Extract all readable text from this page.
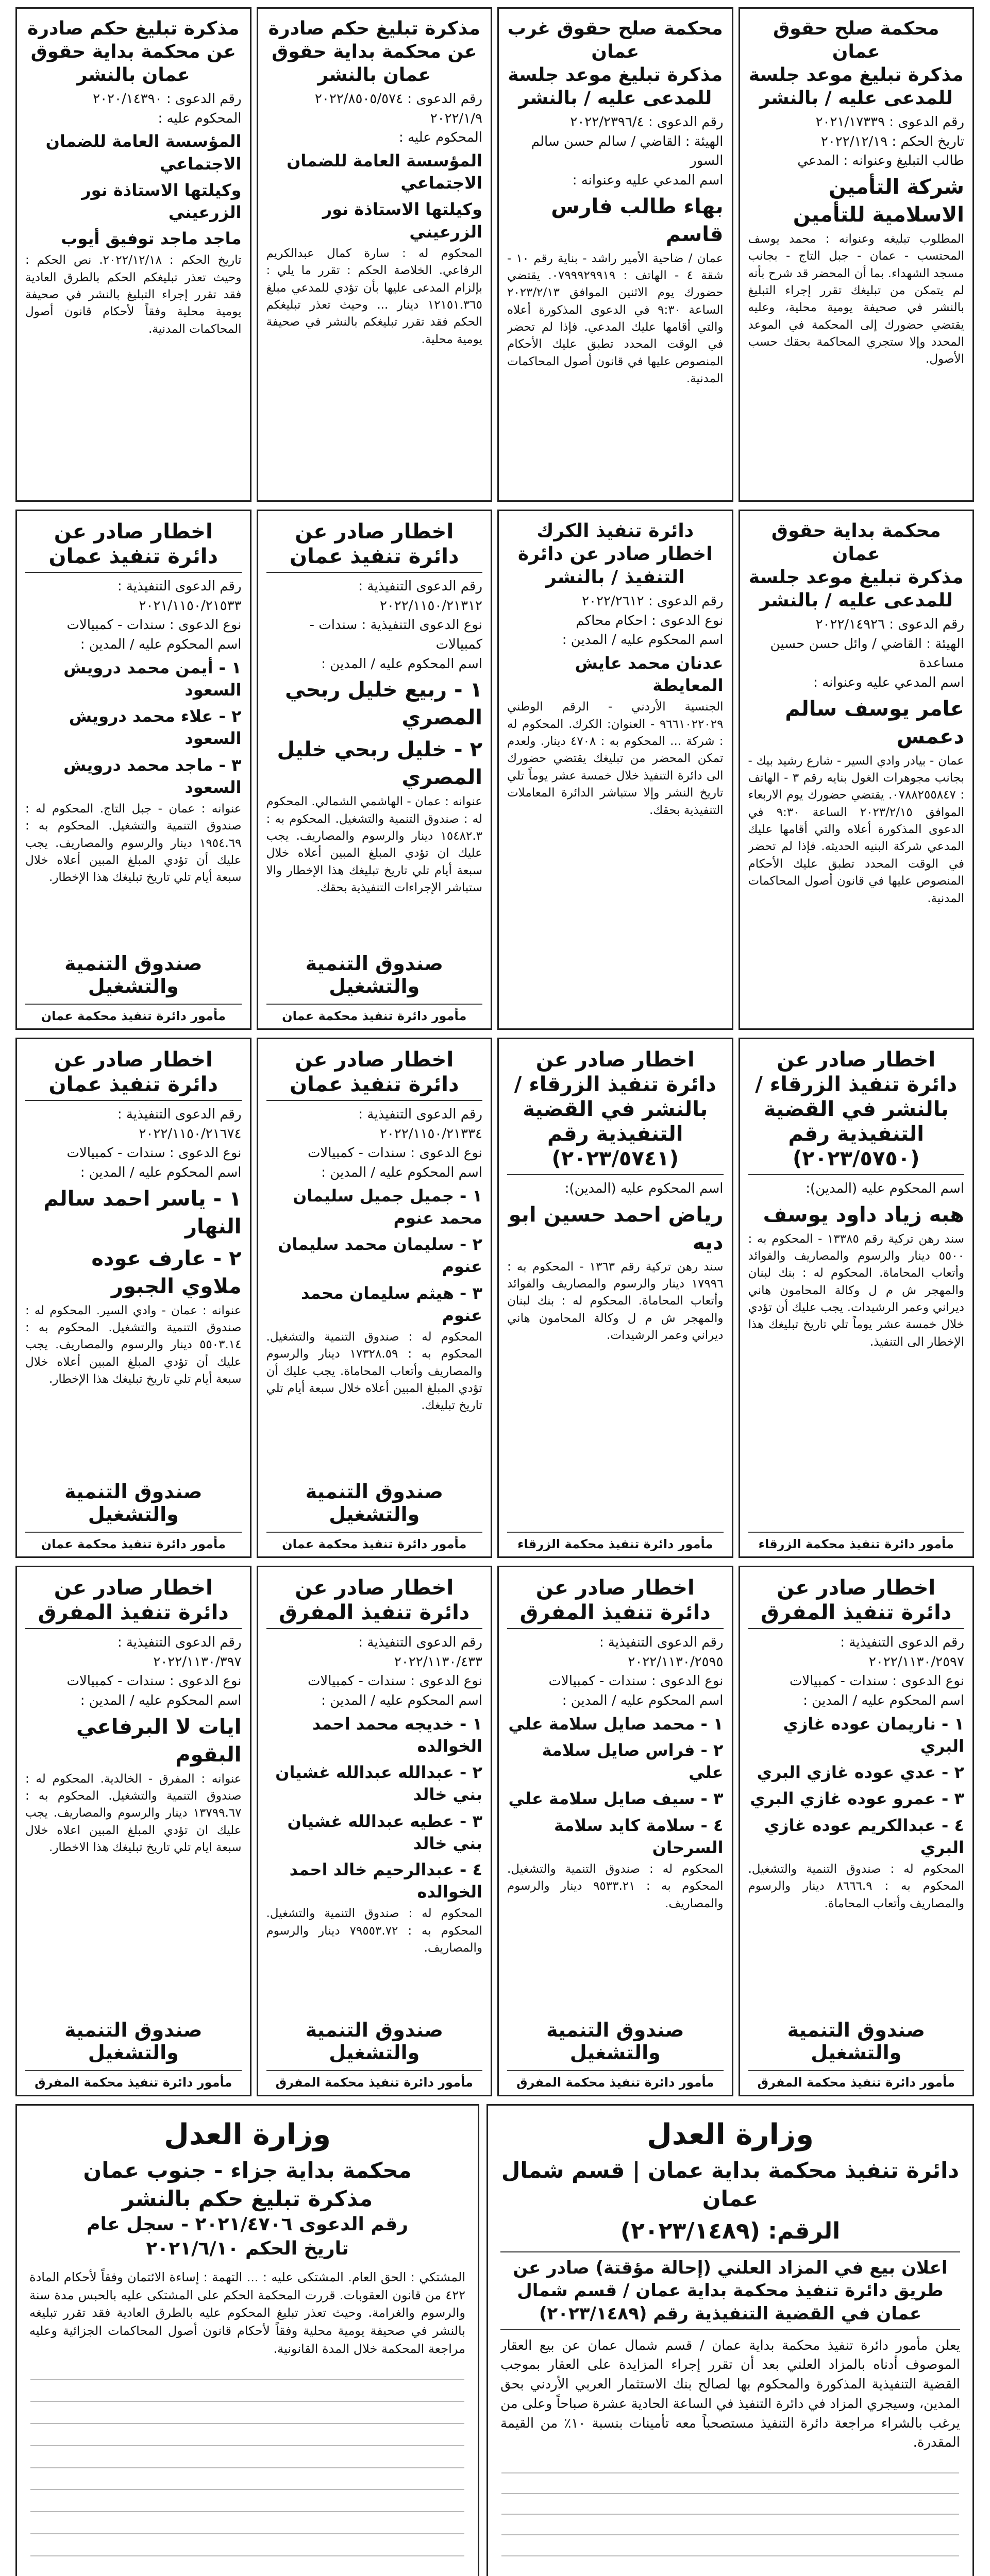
محكمة صلح حقوق عمان
مذكرة تبليغ موعد جلسة للمدعى عليه / بالنشر
رقم الدعوى : ٢٠٢١/١٧٣٣٩
تاريخ الحكم : ٢٠٢٢/١٢/١٩
طالب التبليغ وعنوانه : المدعي
شركة التأمين الاسلامية للتأمين
المطلوب تبليغه وعنوانه : محمد يوسف المحتسب - عمان - جبل التاج - بجانب مسجد الشهداء. بما أن المحضر قد شرح بأنه لم يتمكن من تبليغك تقرر إجراء التبليغ بالنشر في صحيفة يومية محلية، وعليه يقتضي حضورك إلى المحكمة في الموعد المحدد وإلا ستجري المحاكمة بحقك حسب الأصول.
محكمة صلح حقوق غرب عمان
مذكرة تبليغ موعد جلسة للمدعى عليه / بالنشر
رقم الدعوى : ٢٠٢٢/٢٣٩٦/٤
الهيئة : القاضي / سالم حسن سالم السور
اسم المدعي عليه وعنوانه :
بهاء طالب فارس قاسم
عمان / ضاحية الأمير راشد - بناية رقم ١٠ - شقة ٤ - الهاتف : ٠٧٩٩٩٢٩٩١٩. يقتضي حضورك يوم الاثنين الموافق ٢٠٢٣/٢/١٣ الساعة ٩:٣٠ في الدعوى المذكورة أعلاه والتي أقامها عليك المدعي. فإذا لم تحضر في الوقت المحدد تطبق عليك الأحكام المنصوص عليها في قانون أصول المحاكمات المدنية.
مذكرة تبليغ حكم صادرة عن محكمة بداية حقوق عمان بالنشر
رقم الدعوى : ٢٠٢٢/٨٥٠٥/٥٧٤ ٢٠٢٢/١/٩
المحكوم عليه :
المؤسسة العامة للضمان الاجتماعي
وكيلتها الاستاذة نور الزرعيني
المحكوم له : سارة كمال عبدالكريم الرفاعي. الخلاصة الحكم : تقرر ما يلي : بإلزام المدعى عليها بأن تؤدي للمدعي مبلغ ١٢١٥١.٣٦٥ دينار ... وحيث تعذر تبليغكم الحكم فقد تقرر تبليغكم بالنشر في صحيفة يومية محلية.
مذكرة تبليغ حكم صادرة عن محكمة بداية حقوق عمان بالنشر
رقم الدعوى : ٢٠٢٠/١٤٣٩٠
المحكوم عليه :
المؤسسة العامة للضمان الاجتماعي
وكيلتها الاستاذة نور الزرعيني
ماجد ماجد توفيق أيوب
تاريخ الحكم : ٢٠٢٢/١٢/١٨. نص الحكم : وحيث تعذر تبليغكم الحكم بالطرق العادية فقد تقرر إجراء التبليغ بالنشر في صحيفة يومية محلية وفقاً لأحكام قانون أصول المحاكمات المدنية.
محكمة بداية حقوق عمان
مذكرة تبليغ موعد جلسة للمدعى عليه / بالنشر
رقم الدعوى : ٢٠٢٢/١٤٩٢٦
الهيئة : القاضي / وائل حسن حسين مساعدة
اسم المدعي عليه وعنوانه :
عامر يوسف سالم دعمس
عمان - بيادر وادي السير - شارع رشيد بيك - بجانب مجوهرات الغول بنايه رقم ٣ - الهاتف : ٠٧٨٨٢٥٥٨٤٧. يقتضي حضورك يوم الاربعاء الموافق ٢٠٢٣/٢/١٥ الساعة ٩:٣٠ في الدعوى المذكورة أعلاه والتي أقامها عليك المدعي شركة البنيه الحديثه. فإذا لم تحضر في الوقت المحدد تطبق عليك الأحكام المنصوص عليها في قانون أصول المحاكمات المدنية.
دائرة تنفيذ الكرك
اخطار صادر عن دائرة التنفيذ / بالنشر
رقم الدعوى : ٢٠٢٢/٢٦١٢
نوع الدعوى : احكام محاكم
اسم المحكوم عليه / المدين :
عدنان محمد عايش المعايطة
الجنسية الأردني - الرقم الوطني ٩٦٦١٠٢٢٠٢٩ - العنوان: الكرك. المحكوم له : شركة ... المحكوم به : ٤٧٠٨ دينار. ولعدم تمكن المحضر من تبليغك يقتضي حضورك الى دائرة التنفيذ خلال خمسة عشر يوماً تلي تاريخ النشر وإلا ستباشر الدائرة المعاملات التنفيذية بحقك.
اخطار صادر عن دائرة تنفيذ عمان
رقم الدعوى التنفيذية : ٢٠٢٢/١١٥٠/٢١٣١٢
نوع الدعوى التنفيذية : سندات - كمبيالات
اسم المحكوم عليه / المدين :
١ - ربيع خليل ربحي المصري
٢ - خليل ربحي خليل المصري
عنوانه : عمان - الهاشمي الشمالي. المحكوم له : صندوق التنمية والتشغيل. المحكوم به : ١٥٤٨٢.٣ دينار والرسوم والمصاريف. يجب عليك ان تؤدي المبلغ المبين أعلاه خلال سبعة أيام تلي تاريخ تبليغك هذا الإخطار والا ستباشر الإجراءات التنفيذية بحقك.
صندوق التنمية والتشغيل
مأمور دائرة تنفيذ محكمة عمان
اخطار صادر عن دائرة تنفيذ عمان
رقم الدعوى التنفيذية : ٢٠٢١/١١٥٠/٢١٥٣٣
نوع الدعوى : سندات - كمبيالات
اسم المحكوم عليه / المدين :
١ - أيمن محمد درويش السعود
٢ - علاء محمد درويش السعود
٣ - ماجد محمد درويش السعود
عنوانه : عمان - جبل التاج. المحكوم له : صندوق التنمية والتشغيل. المحكوم به : ١٩٥٤.٦٩ دينار والرسوم والمصاريف. يجب عليك أن تؤدي المبلغ المبين أعلاه خلال سبعة أيام تلي تاريخ تبليغك هذا الإخطار.
صندوق التنمية والتشغيل
مأمور دائرة تنفيذ محكمة عمان
اخطار صادر عن دائرة تنفيذ الزرقاء / بالنشر في القضية التنفيذية رقم (٢٠٢٣/٥٧٥٠)
اسم المحكوم عليه (المدين):
هبه زياد داود يوسف
سند رهن تركية رقم ١٣٣٨٥ - المحكوم به : ٥٥٠٠ دينار والرسوم والمصاريف والفوائد وأتعاب المحاماة. المحكوم له : بنك لبنان والمهجر ش م ل وكالة المحامون هاني ديراني وعمر الرشيدات. يجب عليك أن تؤدي خلال خمسة عشر يوماً تلي تاريخ تبليغك هذا الإخطار الى التنفيذ.
مأمور دائرة تنفيذ محكمة الزرقاء
اخطار صادر عن دائرة تنفيذ الزرقاء / بالنشر في القضية التنفيذية رقم (٢٠٢٣/٥٧٤١)
اسم المحكوم عليه (المدين):
رياض احمد حسين ابو ديه
سند رهن تركية رقم ١٣٦٣ - المحكوم به : ١٧٩٩٦ دينار والرسوم والمصاريف والفوائد وأتعاب المحاماة. المحكوم له : بنك لبنان والمهجر ش م ل وكالة المحامون هاني ديراني وعمر الرشيدات.
مأمور دائرة تنفيذ محكمة الزرقاء
اخطار صادر عن دائرة تنفيذ عمان
رقم الدعوى التنفيذية : ٢٠٢٢/١١٥٠/٢١٣٣٤
نوع الدعوى : سندات - كمبيالات
اسم المحكوم عليه / المدين :
١ - جميل جميل سليمان محمد عنوم
٢ - سليمان محمد سليمان عنوم
٣ - هيثم سليمان محمد عنوم
المحكوم له : صندوق التنمية والتشغيل. المحكوم به : ١٧٣٢٨.٥٩ دينار والرسوم والمصاريف وأتعاب المحاماة. يجب عليك أن تؤدي المبلغ المبين أعلاه خلال سبعة أيام تلي تاريخ تبليغك.
صندوق التنمية والتشغيل
مأمور دائرة تنفيذ محكمة عمان
اخطار صادر عن دائرة تنفيذ عمان
رقم الدعوى التنفيذية : ٢٠٢٢/١١٥٠/٢١٦٧٤
نوع الدعوى : سندات - كمبيالات
اسم المحكوم عليه / المدين :
١ - ياسر احمد سالم النهار
٢ - عارف عوده ملاوي الجبور
عنوانه : عمان - وادي السير. المحكوم له : صندوق التنمية والتشغيل. المحكوم به : ٥٥٠٣.١٤ دينار والرسوم والمصاريف. يجب عليك أن تؤدي المبلغ المبين أعلاه خلال سبعة أيام تلي تاريخ تبليغك هذا الإخطار.
صندوق التنمية والتشغيل
مأمور دائرة تنفيذ محكمة عمان
اخطار صادر عن دائرة تنفيذ المفرق
رقم الدعوى التنفيذية : ٢٠٢٢/١١٣٠/٢٥٩٧
نوع الدعوى : سندات - كمبيالات
اسم المحكوم عليه / المدين :
١ - ناريمان عوده غازي البري
٢ - عدي عوده غازي البري
٣ - عمرو عوده غازي البري
٤ - عبدالكريم عوده غازي البري
المحكوم له : صندوق التنمية والتشغيل. المحكوم به : ٨٦٦٦.٩ دينار والرسوم والمصاريف وأتعاب المحاماة.
صندوق التنمية والتشغيل
مأمور دائرة تنفيذ محكمة المفرق
اخطار صادر عن دائرة تنفيذ المفرق
رقم الدعوى التنفيذية : ٢٠٢٢/١١٣٠/٢٥٩٥
نوع الدعوى : سندات - كمبيالات
اسم المحكوم عليه / المدين :
١ - محمد صايل سلامة علي
٢ - فراس صايل سلامة علي
٣ - سيف صايل سلامة علي
٤ - سلامة كايد سلامة السرحان
المحكوم له : صندوق التنمية والتشغيل. المحكوم به : ٩٥٣٣.٢١ دينار والرسوم والمصاريف.
صندوق التنمية والتشغيل
مأمور دائرة تنفيذ محكمة المفرق
اخطار صادر عن دائرة تنفيذ المفرق
رقم الدعوى التنفيذية : ٢٠٢٢/١١٣٠/٤٣٣
نوع الدعوى : سندات - كمبيالات
اسم المحكوم عليه / المدين :
١ - خديجه محمد احمد الخوالده
٢ - عبدالله عبدالله غشيان بني خالد
٣ - عطيه عبدالله غشيان بني خالد
٤ - عبدالرحيم خالد احمد الخوالده
المحكوم له : صندوق التنمية والتشغيل. المحكوم به : ٧٩٥٥٣.٧٢ دينار والرسوم والمصاريف.
صندوق التنمية والتشغيل
مأمور دائرة تنفيذ محكمة المفرق
اخطار صادر عن دائرة تنفيذ المفرق
رقم الدعوى التنفيذية : ٢٠٢٢/١١٣٠/٣٩٧
نوع الدعوى : سندات - كمبيالات
اسم المحكوم عليه / المدين :
ايات لا البرفاعي البقوم
عنوانه : المفرق - الخالدية. المحكوم له : صندوق التنمية والتشغيل. المحكوم به : ١٣٧٩٩.٦٧ دينار والرسوم والمصاريف. يجب عليك ان تؤدي المبلغ المبين اعلاه خلال سبعة ايام تلي تاريخ تبليغك هذا الاخطار.
صندوق التنمية والتشغيل
مأمور دائرة تنفيذ محكمة المفرق
وزارة العدل
دائرة تنفيذ محكمة بداية عمان | قسم شمال عمان
الرقم: (٢٠٢٣/١٤٨٩)
اعلان بيع في المزاد العلني (إحالة مؤقتة) صادر عن طريق دائرة تنفيذ محكمة بداية عمان / قسم شمال عمان في القضية التنفيذية رقم (٢٠٢٣/١٤٨٩)
يعلن مأمور دائرة تنفيذ محكمة بداية عمان / قسم شمال عمان عن بيع العقار الموصوف أدناه بالمزاد العلني بعد أن تقرر إجراء المزايدة على العقار بموجب القضية التنفيذية المذكورة والمحكوم بها لصالح بنك الاستثمار العربي الأردني بحق المدين، وسيجري المزاد في دائرة التنفيذ في الساعة الحادية عشرة صباحاً وعلى من يرغب بالشراء مراجعة دائرة التنفيذ مستصحباً معه تأمينات بنسبة ١٠٪ من القيمة المقدرة.

وزارة العدل
محكمة بداية جزاء - جنوب عمان
مذكرة تبليغ حكم بالنشر
رقم الدعوى ٢٠٢١/٤٧٠٦ - سجل عام
تاريخ الحكم ٢٠٢١/٦/١٠
المشتكي : الحق العام. المشتكى عليه : ... التهمة : إساءة الائتمان وفقاً لأحكام المادة ٤٢٢ من قانون العقوبات. قررت المحكمة الحكم على المشتكى عليه بالحبس مدة سنة والرسوم والغرامة. وحيث تعذر تبليغ المحكوم عليه بالطرق العادية فقد تقرر تبليغه بالنشر في صحيفة يومية محلية وفقاً لأحكام قانون أصول المحاكمات الجزائية وعليه مراجعة المحكمة خلال المدة القانونية.
